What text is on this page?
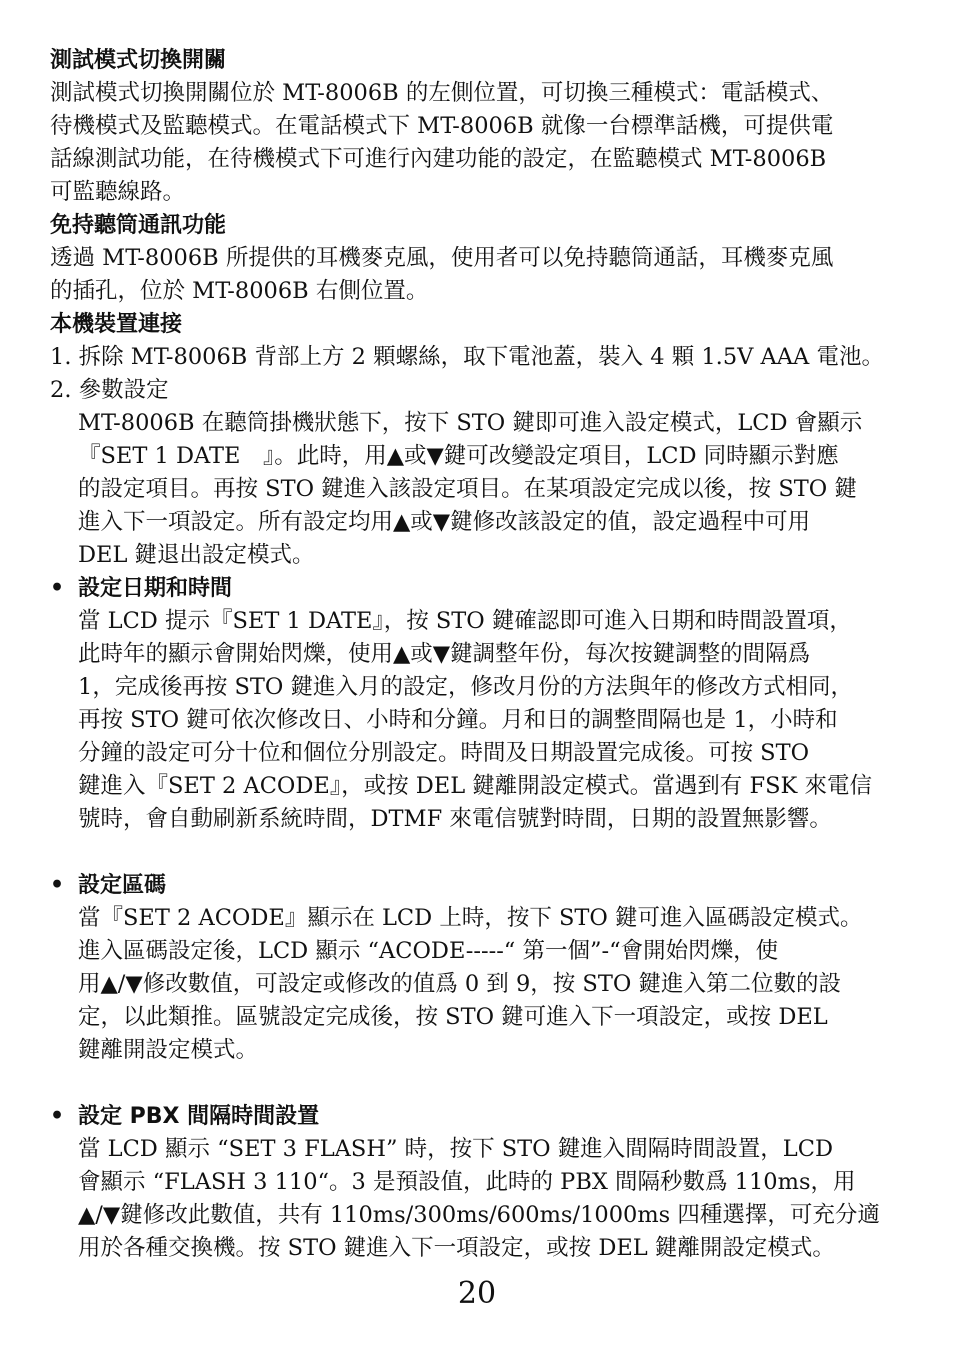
測試模式切換開關
測試模式切換開關位於 MT-8006B 的左側位置，可切換三種模式：電話模式、
待機模式及監聽模式。在電話模式下 MT-8006B 就像一台標準話機，可提供電
話線測試功能，在待機模式下可進行內建功能的設定，在監聽模式 MT-8006B
可監聽線路。
免持聽筒通訊功能
透過 MT-8006B 所提供的耳機麥克風，使用者可以免持聽筒通話，耳機麥克風
的插孔，位於 MT-8006B 右側位置。
本機裝置連接
1. 拆除 MT-8006B 背部上方 2 顆螺絲，取下電池蓋，裝入 4 顆 1.5V AAA 電池。
2. 參數設定
MT-8006B 在聽筒掛機狀態下，按下 STO 鍵即可進入設定模式，LCD 會顯示
『SET 1 DATE　』。此時，用▲或▼鍵可改變設定項目，LCD 同時顯示對應
的設定項目。再按 STO 鍵進入該設定項目。在某項設定完成以後，按 STO 鍵
進入下一項設定。所有設定均用▲或▼鍵修改該設定的值，設定過程中可用
DEL 鍵退出設定模式。
• 設定日期和時間
當 LCD 提示『SET 1 DATE』，按 STO 鍵確認即可進入日期和時間設置項，
此時年的顯示會開始閃爍，使用▲或▼鍵調整年份，每次按鍵調整的間隔爲
1，完成後再按 STO 鍵進入月的設定，修改月份的方法與年的修改方式相同，
再按 STO 鍵可依次修改日、小時和分鐘。月和日的調整間隔也是 1，小時和
分鐘的設定可分十位和個位分別設定。時間及日期設置完成後。可按 STO
鍵進入『SET 2 ACODE』，或按 DEL 鍵離開設定模式。當遇到有 FSK 來電信
號時，會自動刷新系統時間，DTMF 來電信號對時間，日期的設置無影響。
• 設定區碼
當『SET 2 ACODE』顯示在 LCD 上時，按下 STO 鍵可進入區碼設定模式。
進入區碼設定後，LCD 顯示 “ACODE-----“ 第一個”-“會開始閃爍，使
用▲/▼修改數值，可設定或修改的值爲 0 到 9，按 STO 鍵進入第二位數的設
定，以此類推。區號設定完成後，按 STO 鍵可進入下一項設定，或按 DEL
鍵離開設定模式。
• 設定 PBX 間隔時間設置
當 LCD 顯示 “SET 3 FLASH” 時，按下 STO 鍵進入間隔時間設置，LCD
會顯示 “FLASH 3 110“。3 是預設值，此時的 PBX 間隔秒數爲 110ms，用
▲/▼鍵修改此數值，共有 110ms/300ms/600ms/1000ms 四種選擇，可充分適
用於各種交換機。按 STO 鍵進入下一項設定，或按 DEL 鍵離開設定模式。
20
